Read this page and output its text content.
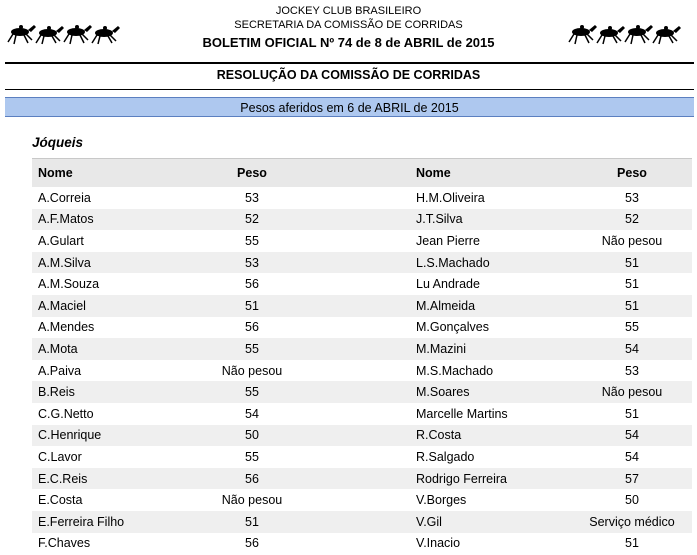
JOCKEY CLUB BRASILEIRO
SECRETARIA DA COMISSÃO DE CORRIDAS
BOLETIM OFICIAL Nº 74 de 8 de ABRIL de 2015
RESOLUÇÃO DA COMISSÃO DE CORRIDAS
Pesos aferidos em 6 de ABRIL de 2015
Jóqueis
Nome	Peso	Nome	Peso
A.Correia	53	H.M.Oliveira	53
A.F.Matos	52	J.T.Silva	52
A.Gulart	55	Jean Pierre	Não pesou
A.M.Silva	53	L.S.Machado	51
A.M.Souza	56	Lu Andrade	51
A.Maciel	51	M.Almeida	51
A.Mendes	56	M.Gonçalves	55
A.Mota	55	M.Mazini	54
A.Paiva	Não pesou	M.S.Machado	53
B.Reis	55	M.Soares	Não pesou
C.G.Netto	54	Marcelle Martins	51
C.Henrique	50	R.Costa	54
C.Lavor	55	R.Salgado	54
E.C.Reis	56	Rodrigo Ferreira	57
E.Costa	Não pesou	V.Borges	50
E.Ferreira Filho	51	V.Gil	Serviço médico
F.Chaves	56	V.Inacio	51
